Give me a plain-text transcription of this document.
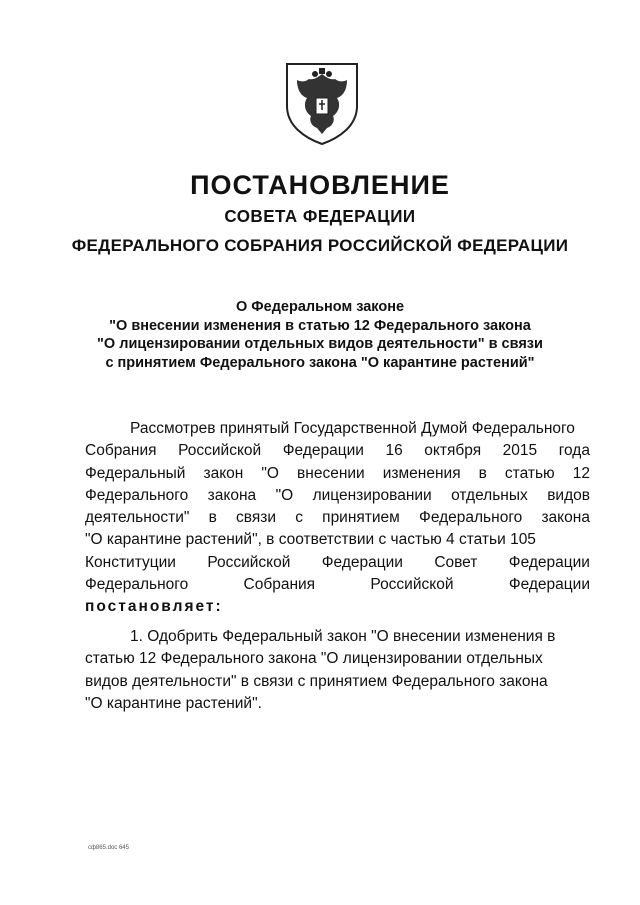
ПОСТАНОВЛЕНИЕ
СОВЕТА ФЕДЕРАЦИИ
ФЕДЕРАЛЬНОГО СОБРАНИЯ РОССИЙСКОЙ ФЕДЕРАЦИИ
О Федеральном законе
"О внесении изменения в статью 12 Федерального закона
"О лицензировании отдельных видов деятельности" в связи
с принятием Федерального закона "О карантине растений"
Рассмотрев принятый Государственной Думой Федерального
Собрания Российской Федерации 16 октября 2015 года
Федеральный закон "О внесении изменения в статью 12
Федерального закона "О лицензировании отдельных видов
деятельности" в связи с принятием Федерального закона
"О карантине растений", в соответствии с частью 4 статьи 105
Конституции Российской Федерации Совет Федерации
Федерального	Собрания	Российской	Федерации
постановляет:
1. Одобрить Федеральный закон "О внесении изменения в
статью 12 Федерального закона "О лицензировании отдельных
видов деятельности" в связи с принятием Федерального закона
"О карантине растений".
сф865.doc 645
